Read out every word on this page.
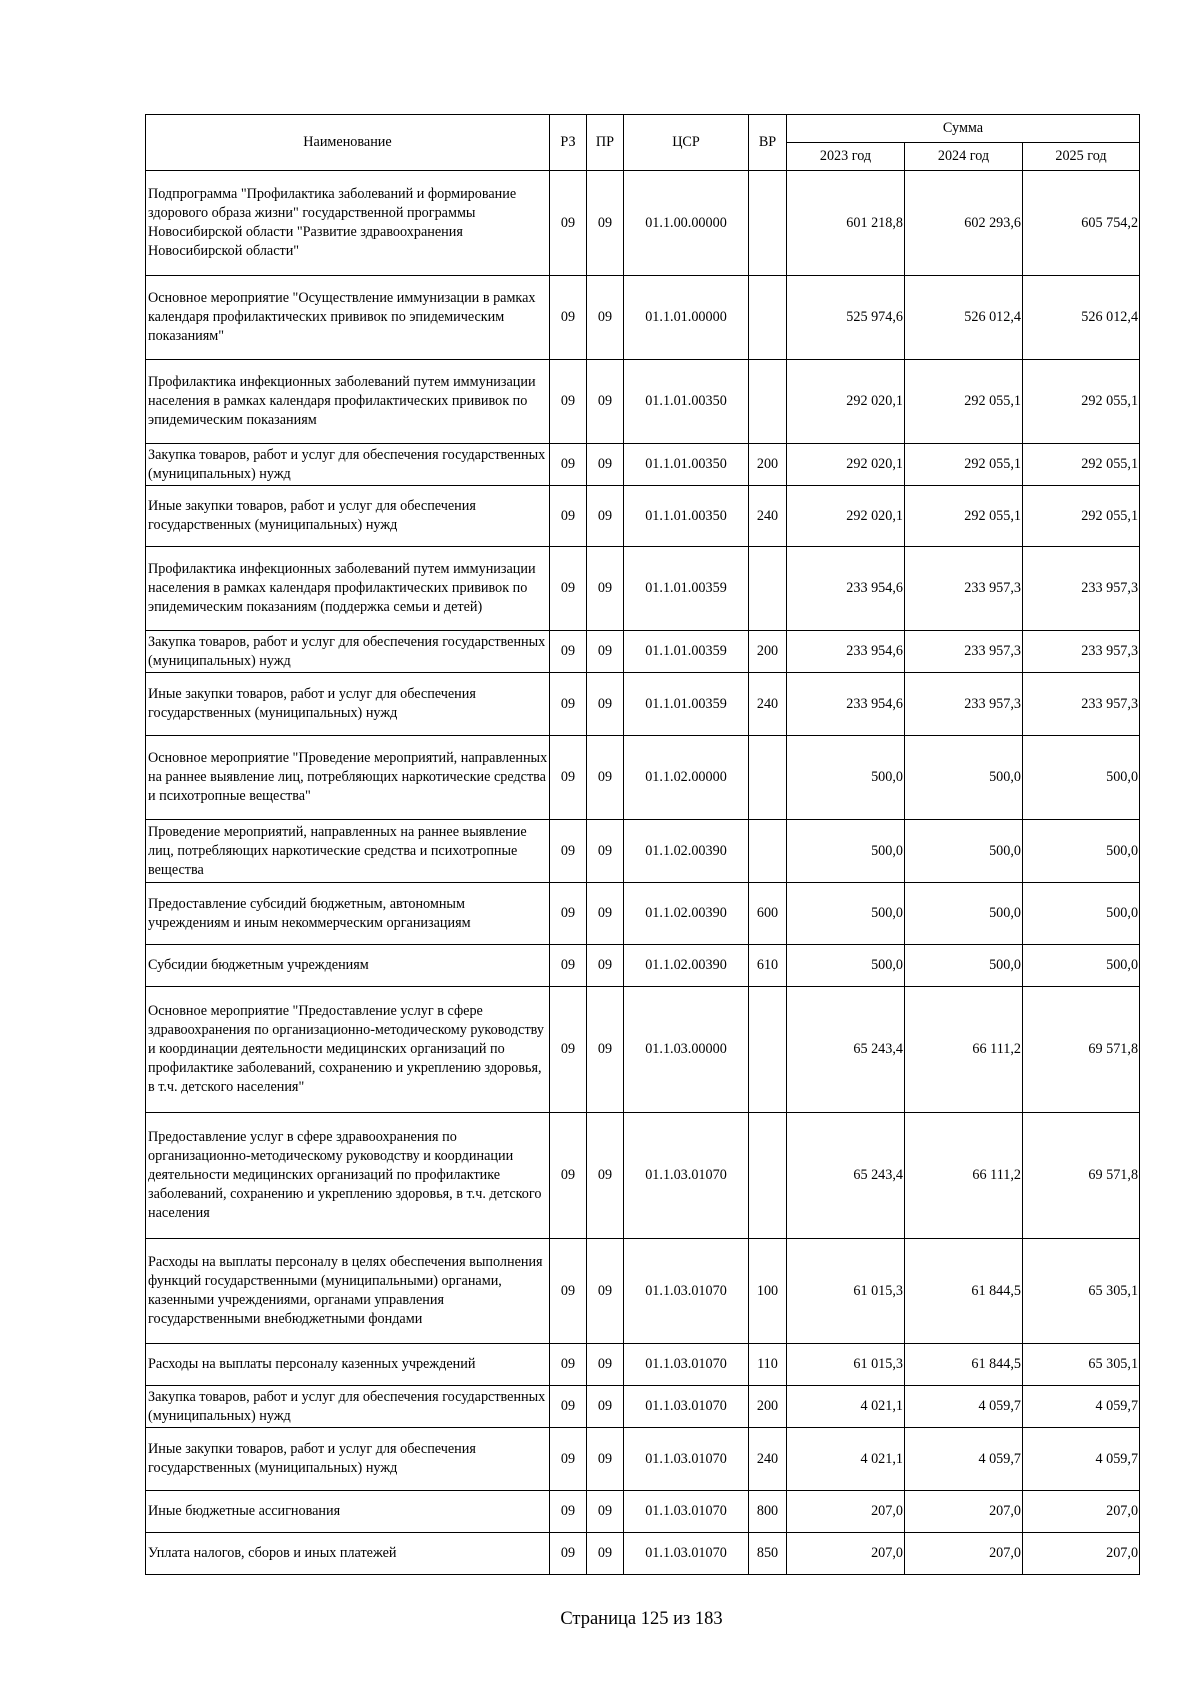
Наименование	РЗ	ПР	ЦСР	ВР	Сумма		
					2023 год	2024 год	2025 год
Подпрограмма "Профилактика заболеваний и формирование здорового образа жизни" государственной программы Новосибирской области "Развитие здравоохранения Новосибирской области"	09	09	01.1.00.00000		601 218,8	602 293,6	605 754,2
Основное мероприятие "Осуществление иммунизации в рамках календаря профилактических прививок по эпидемическим показаниям"	09	09	01.1.01.00000		525 974,6	526 012,4	526 012,4
Профилактика инфекционных заболеваний путем иммунизации населения в рамках календаря профилактических прививок по эпидемическим показаниям	09	09	01.1.01.00350		292 020,1	292 055,1	292 055,1
Закупка товаров, работ и услуг для обеспечения государственных (муниципальных) нужд	09	09	01.1.01.00350	200	292 020,1	292 055,1	292 055,1
Иные закупки товаров, работ и услуг для обеспечения государственных (муниципальных) нужд	09	09	01.1.01.00350	240	292 020,1	292 055,1	292 055,1
Профилактика инфекционных заболеваний путем иммунизации населения в рамках календаря профилактических прививок по эпидемическим показаниям (поддержка семьи и детей)	09	09	01.1.01.00359		233 954,6	233 957,3	233 957,3
Закупка товаров, работ и услуг для обеспечения государственных (муниципальных) нужд	09	09	01.1.01.00359	200	233 954,6	233 957,3	233 957,3
Иные закупки товаров, работ и услуг для обеспечения государственных (муниципальных) нужд	09	09	01.1.01.00359	240	233 954,6	233 957,3	233 957,3
Основное мероприятие "Проведение мероприятий, направленных на раннее выявление лиц, потребляющих наркотические средства и психотропные вещества"	09	09	01.1.02.00000		500,0	500,0	500,0
Проведение мероприятий, направленных на раннее выявление лиц, потребляющих наркотические средства и психотропные вещества	09	09	01.1.02.00390		500,0	500,0	500,0
Предоставление субсидий бюджетным, автономным учреждениям и иным некоммерческим организациям	09	09	01.1.02.00390	600	500,0	500,0	500,0
Субсидии бюджетным учреждениям	09	09	01.1.02.00390	610	500,0	500,0	500,0
Основное мероприятие "Предоставление услуг в сфере здравоохранения по организационно-методическому руководству и координации деятельности медицинских организаций по профилактике заболеваний, сохранению и укреплению здоровья, в т.ч. детского населения"	09	09	01.1.03.00000		65 243,4	66 111,2	69 571,8
Предоставление услуг в сфере здравоохранения по организационно-методическому руководству и координации деятельности медицинских организаций по профилактике заболеваний, сохранению и укреплению здоровья, в т.ч. детского населения	09	09	01.1.03.01070		65 243,4	66 111,2	69 571,8
Расходы на выплаты персоналу в целях обеспечения выполнения функций государственными (муниципальными) органами, казенными учреждениями, органами управления государственными внебюджетными фондами	09	09	01.1.03.01070	100	61 015,3	61 844,5	65 305,1
Расходы на выплаты персоналу казенных учреждений	09	09	01.1.03.01070	110	61 015,3	61 844,5	65 305,1
Закупка товаров, работ и услуг для обеспечения государственных (муниципальных) нужд	09	09	01.1.03.01070	200	4 021,1	4 059,7	4 059,7
Иные закупки товаров, работ и услуг для обеспечения государственных (муниципальных) нужд	09	09	01.1.03.01070	240	4 021,1	4 059,7	4 059,7
Иные бюджетные ассигнования	09	09	01.1.03.01070	800	207,0	207,0	207,0
Уплата налогов, сборов и иных платежей	09	09	01.1.03.01070	850	207,0	207,0	207,0
Страница 125 из 183
